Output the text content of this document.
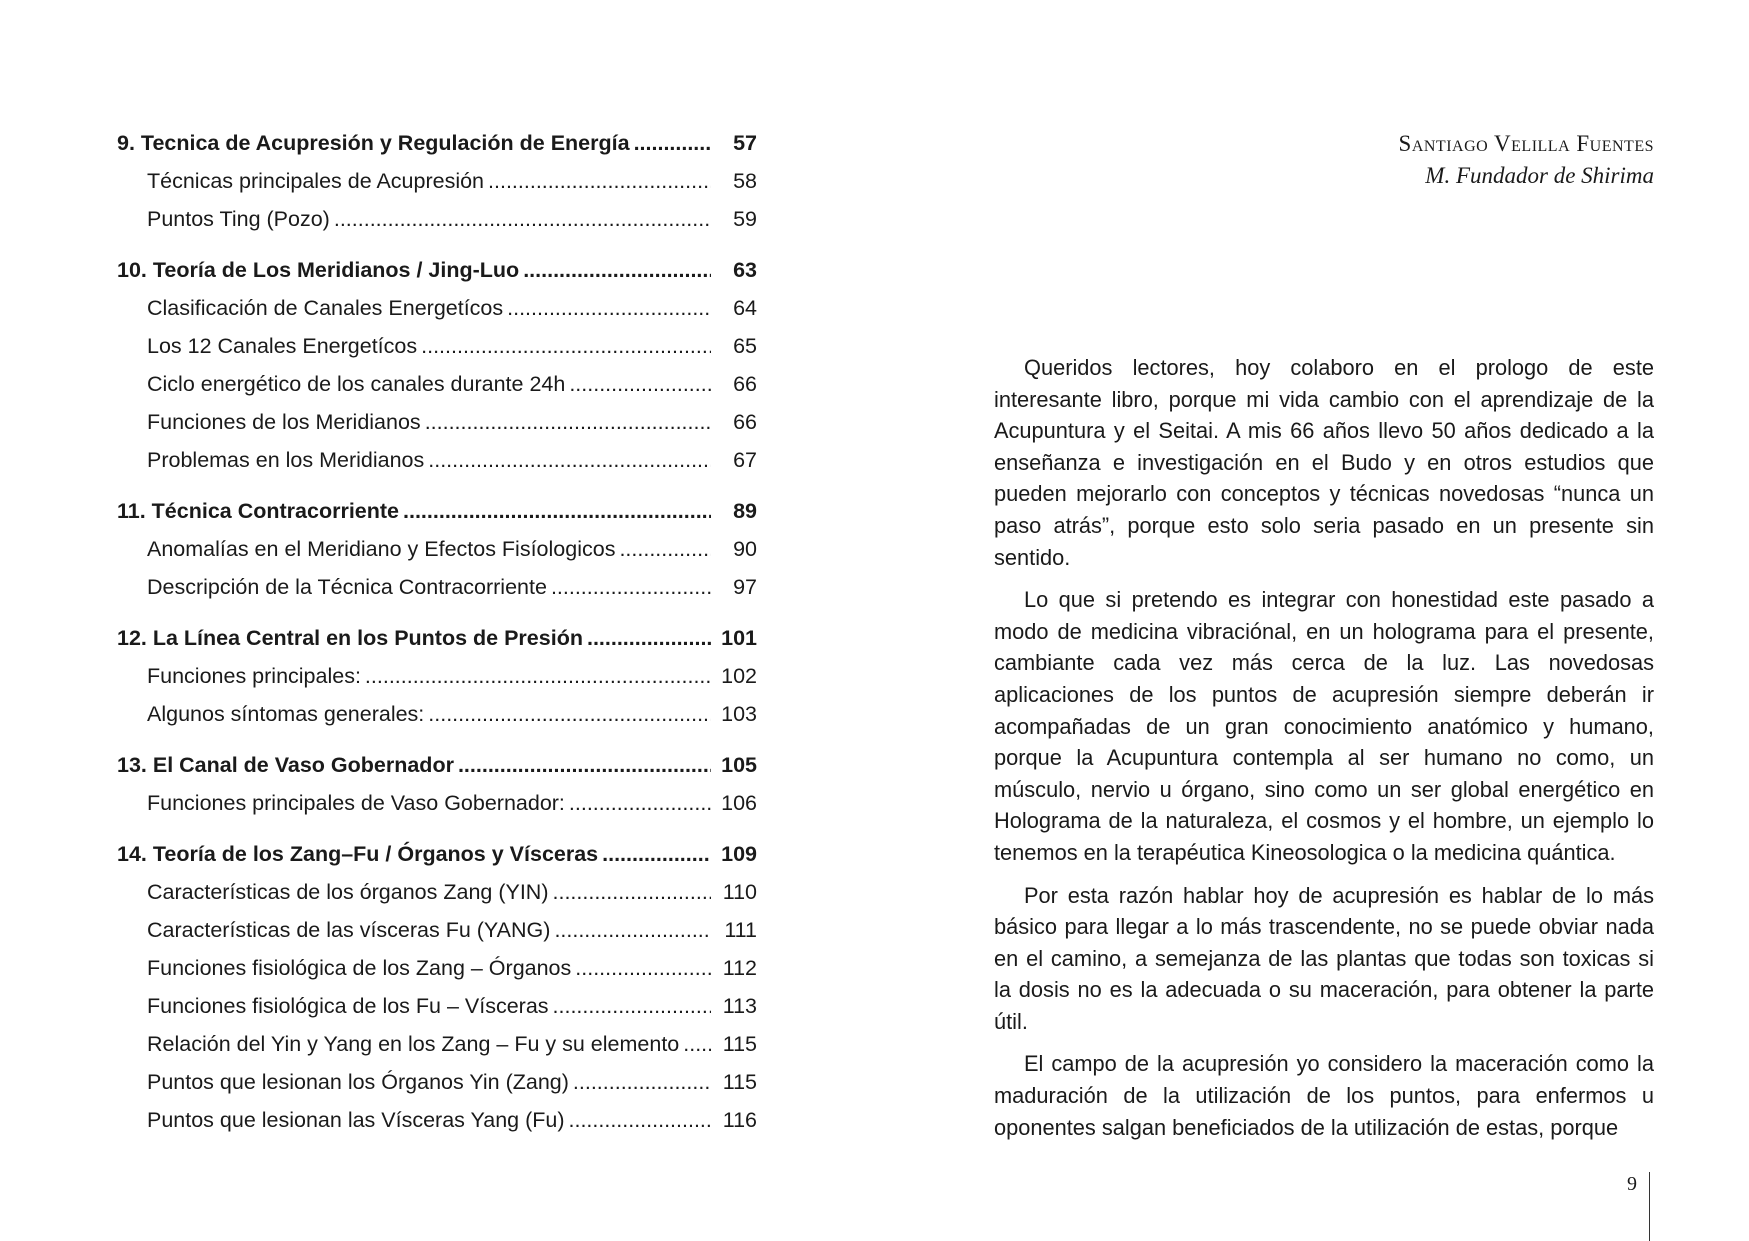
9. Tecnica de Acupresión y Regulación de Energía .....	57
Técnicas principales de Acupresión .....	58
Puntos Ting (Pozo) .....	59
10. Teoría de Los Meridianos / Jing-Luo .....	63
Clasificación de Canales Energetícos .....	64
Los 12 Canales Energetícos .....	65
Ciclo energético de los canales durante 24h .....	66
Funciones de los Meridianos .....	66
Problemas en los Meridianos .....	67
11. Técnica Contracorriente .....	89
Anomalías en el Meridiano y Efectos Fisíologicos .....	90
Descripción de la Técnica Contracorriente .....	97
12. La Línea Central en los Puntos de Presión .....	101
Funciones principales: .....	102
Algunos síntomas generales: .....	103
13. El Canal de Vaso Gobernador .....	105
Funciones principales de Vaso Gobernador: .....	106
14. Teoría de los Zang–Fu / Órganos y Vísceras .....	109
Características de los órganos Zang (YIN) .....	110
Características de las vísceras Fu (YANG) .....	111
Funciones fisiológica de los Zang – Órganos .....	112
Funciones fisiológica de los Fu – Vísceras .....	113
Relación del Yin y Yang en los Zang – Fu y su elemento ..... 115
Puntos que lesionan los Órganos Yin (Zang) .....	115
Puntos que lesionan las Vísceras Yang (Fu) .....	116
Santiago Velilla Fuentes
M. Fundador de Shirima

Queridos lectores, hoy colaboro en el prologo de este interesante libro, porque mi vida cambio con el aprendizaje de la Acupuntura y el Seitai. A mis 66 años llevo 50 años dedicado a la enseñanza e investigación en el Budo y en otros estudios que pueden mejorarlo con conceptos y técnicas novedosas “nunca un paso atrás”, porque esto solo seria pasado en un presente sin sentido.

Lo que si pretendo es integrar con honestidad este pasado a modo de medicina vibraciónal, en un holograma para el presente, cambiante cada vez más cerca de la luz. Las novedosas aplicaciones de los puntos de acupresión siempre deberán ir acompañadas de un gran conocimiento anatómico y humano, porque la Acupuntura contempla al ser humano no como, un músculo, nervio u órgano, sino como un ser global energético en Holograma de la naturaleza, el cosmos y el hombre, un ejemplo lo tenemos en la terapéutica Kineosologica o la medicina quántica.

Por esta razón hablar hoy de acupresión es hablar de lo más básico para llegar a lo más trascendente, no se puede obviar nada en el camino, a semejanza de las plantas que todas son toxicas si la dosis no es la adecuada o su maceración, para obtener la parte útil.

El campo de la acupresión yo considero la maceración como la maduración de la utilización de los puntos, para enfermos u oponentes salgan beneficiados de la utilización de estas, porque

9
